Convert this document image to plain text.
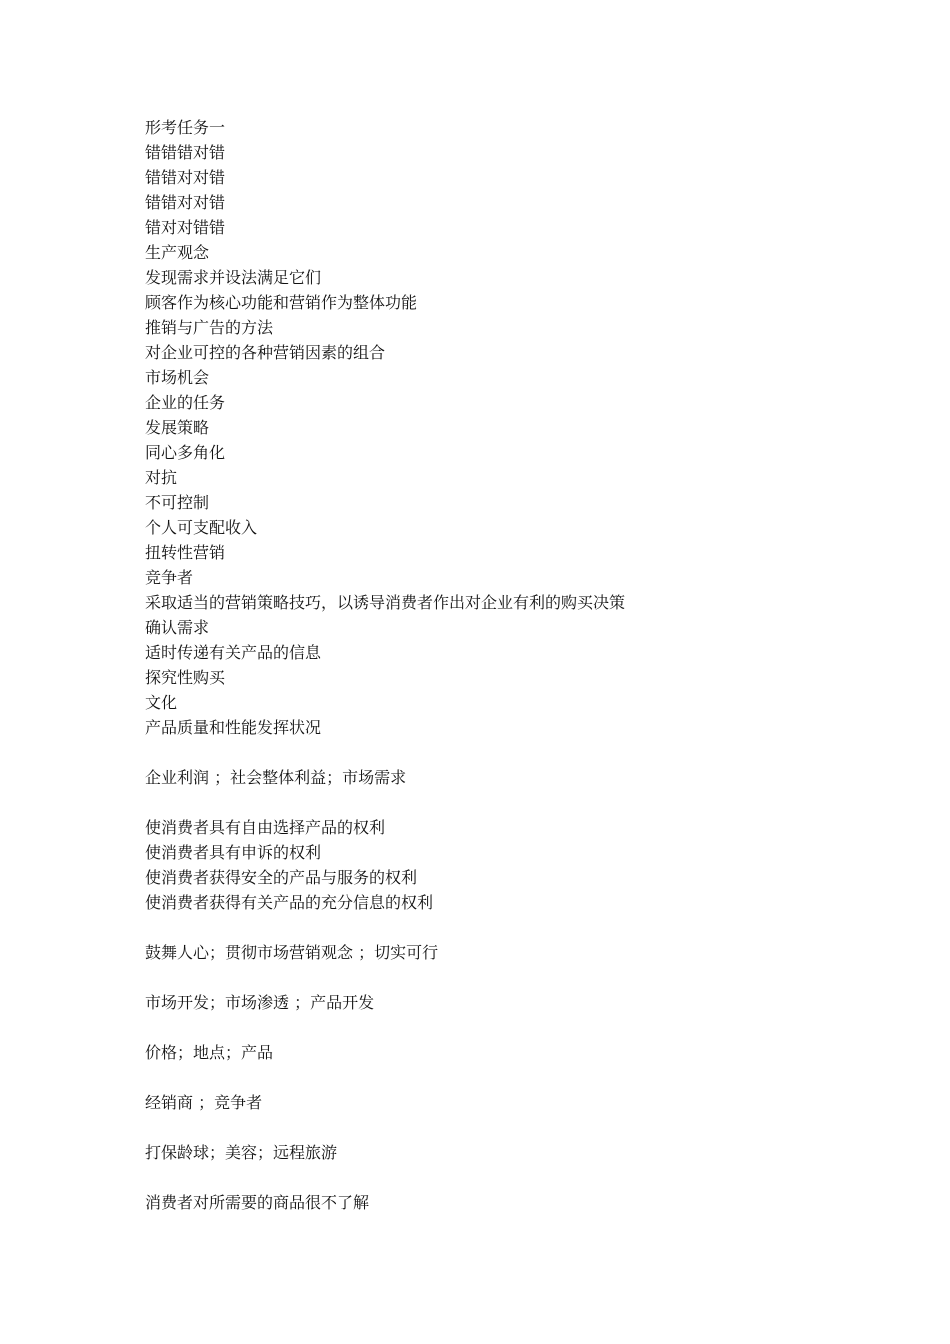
形考任务一
错错错对错
错错对对错
错错对对错
错对对错错
生产观念
发现需求并设法满足它们
顾客作为核心功能和营销作为整体功能
推销与广告的方法
对企业可控的各种营销因素的组合
市场机会
企业的任务
发展策略
同心多角化
对抗
不可控制
个人可支配收入
扭转性营销
竞争者
采取适当的营销策略技巧，以诱导消费者作出对企业有利的购买决策
确认需求
适时传递有关产品的信息
探究性购买
文化
产品质量和性能发挥状况
企业利润 ；社会整体利益；市场需求
使消费者具有自由选择产品的权利
使消费者具有申诉的权利
使消费者获得安全的产品与服务的权利
使消费者获得有关产品的充分信息的权利
鼓舞人心；贯彻市场营销观念 ；切实可行
市场开发；市场渗透 ；产品开发
价格；地点；产品
经销商 ；竞争者
打保龄球；美容；远程旅游
消费者对所需要的商品很不了解
